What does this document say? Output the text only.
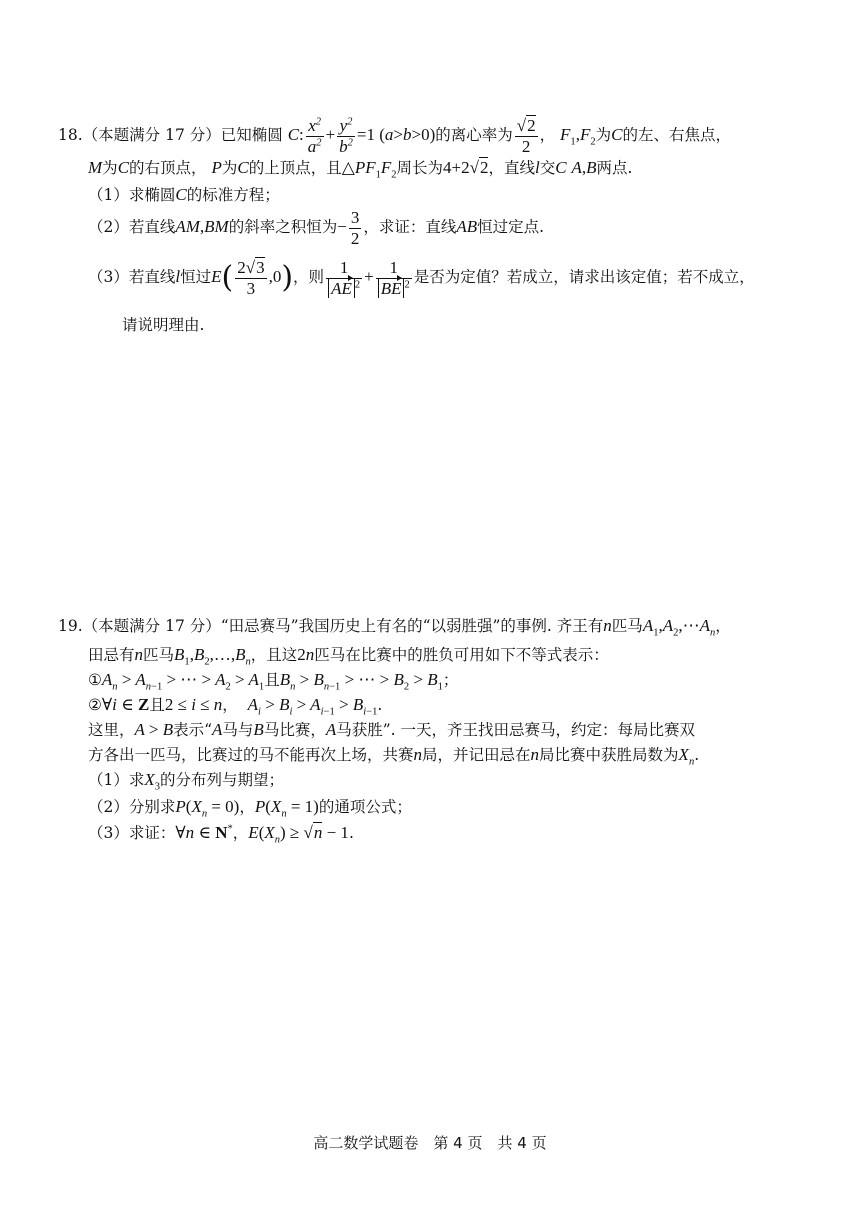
18.（本题满分 17 分）已知椭圆 C: $\frac{x^2}{a^2} + \frac{y^2}{b^2} =1$ (a>b>0)的离心率为 $\frac{√2}{2}$ ， $F_1,F_2$为C的左、右焦点，
M为C的右顶点， P为C的上顶点，且$\triangle PF_1F_2$周长为4+2√2，直线l交C A,B两点.
（1）求椭圆C的标准方程；
（2）若直线AM,BM的斜率之积恒为− $\frac{3}{2}$ ，求证：直线AB恒过定点.
（3）若直线l恒过$E( \frac{2√3}{3} ,0)$，则 $\frac{1}{AE ^2} + \frac{1}{BE ^2}$ 是否为定值？若成立，请求出该定值；若不成立，
请说明理由.
19.（本题满分 17 分）“田忌赛马”我国历史上有名的“以弱胜强”的事例. 齐王有n匹马$A_1,A_2,\cdots A_n$，
田忌有n匹马$B_1,B_2,\dots,B_n$，且这2n匹马在比赛中的胜负可用如下不等式表示：
$①A_n > A_{n-1}$ > ⋯ > $A_2 > A_1$且$B_n > B_{n-1}$ > ⋯ > $B_2 > B_1$；
②∀i ∈ Z且2 ≤ i ≤ n，  $A_i > B_i > A_{i-1} > B_{i-1}$.
这里，A > B表示“A马与B马比赛，A马获胜”. 一天，齐王找田忌赛马，约定：每局比赛双
方各出一匹马，比赛过的马不能再次上场，共赛n局，并记田忌在n局比赛中获胜局数为$X_n$.
（1）求$X_3$的分布列与期望；
（2）分别求$P(X_n = 0)$，$P(X_n = 1)$的通项公式；
（3）求证：∀n ∈ N*，$E(X_n) \ge √n - 1$.
高二数学试题卷　第 4 页　共 4 页
